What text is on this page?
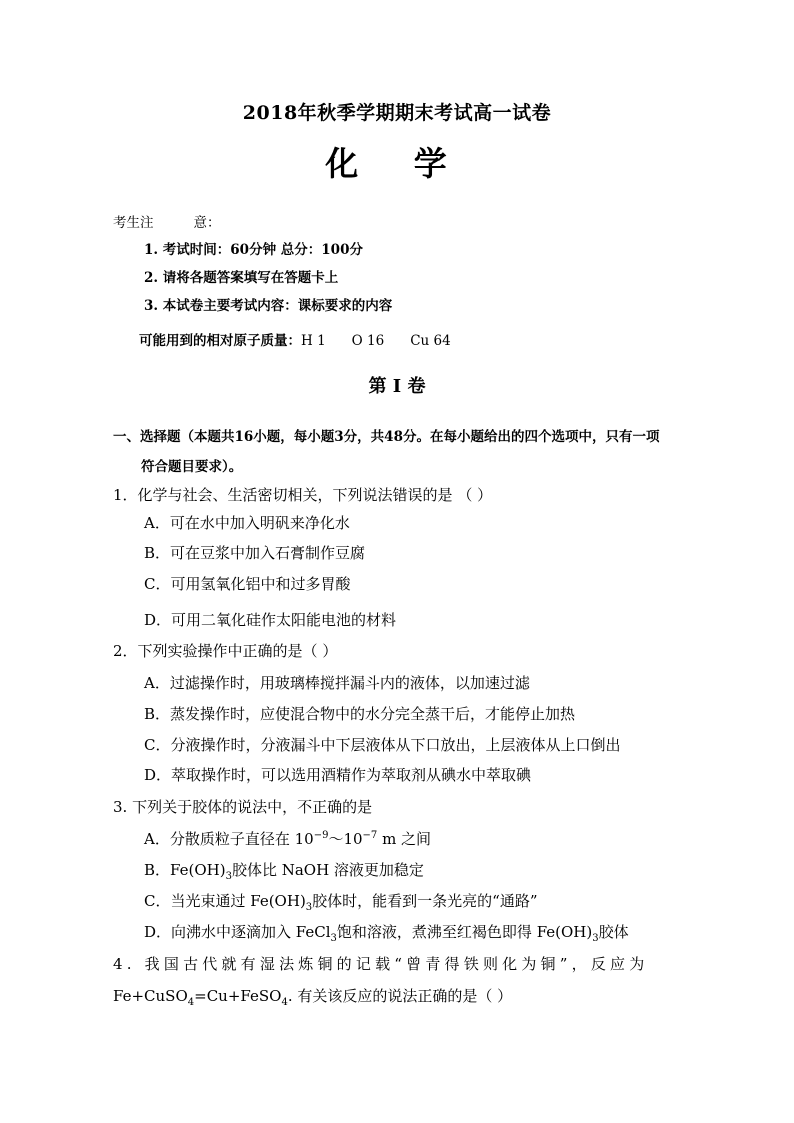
2018年秋季学期期末考试高一试卷
化 学
考生注	意：
1. 考试时间：60分钟 总分：100分
2. 请将各题答案填写在答题卡上
3. 本试卷主要考试内容：课标要求的内容
可能用到的相对原子质量：H 1 O 16 Cu 64
第 I 卷
一、选择题（本题共16小题，每小题3分，共48分。在每小题给出的四个选项中，只有一项
符合题目要求）。
1．化学与社会、生活密切相关，下列说法错误的是 （ ）
A．可在水中加入明矾来净化水
B．可在豆浆中加入石膏制作豆腐
C．可用氢氧化铝中和过多胃酸
D．可用二氧化硅作太阳能电池的材料
2．下列实验操作中正确的是（ ）
A．过滤操作时，用玻璃棒搅拌漏斗内的液体，以加速过滤
B．蒸发操作时，应使混合物中的水分完全蒸干后，才能停止加热
C．分液操作时，分液漏斗中下层液体从下口放出，上层液体从上口倒出
D．萃取操作时，可以选用酒精作为萃取剂从碘水中萃取碘
3. 下列关于胶体的说法中，不正确的是
A．分散质粒子直径在 $10^{-9}\sim 10^{-7}$ m 之间
B．$Fe(OH)_3$胶体比 NaOH 溶液更加稳定
C．当光束通过 $Fe(OH)_3$胶体时，能看到一条光亮的“通路”
D．向沸水中逐滴加入 FeCl$_3$饱和溶液，煮沸至红褐色即得 $Fe(OH)_3$胶体
4. 我国古代就有湿法炼铜的记载“曾青得铁则化为铜”，反应为
Fe+CuSO$_4$=Cu+FeSO$_4$. 有关该反应的说法正确的是（ ）
